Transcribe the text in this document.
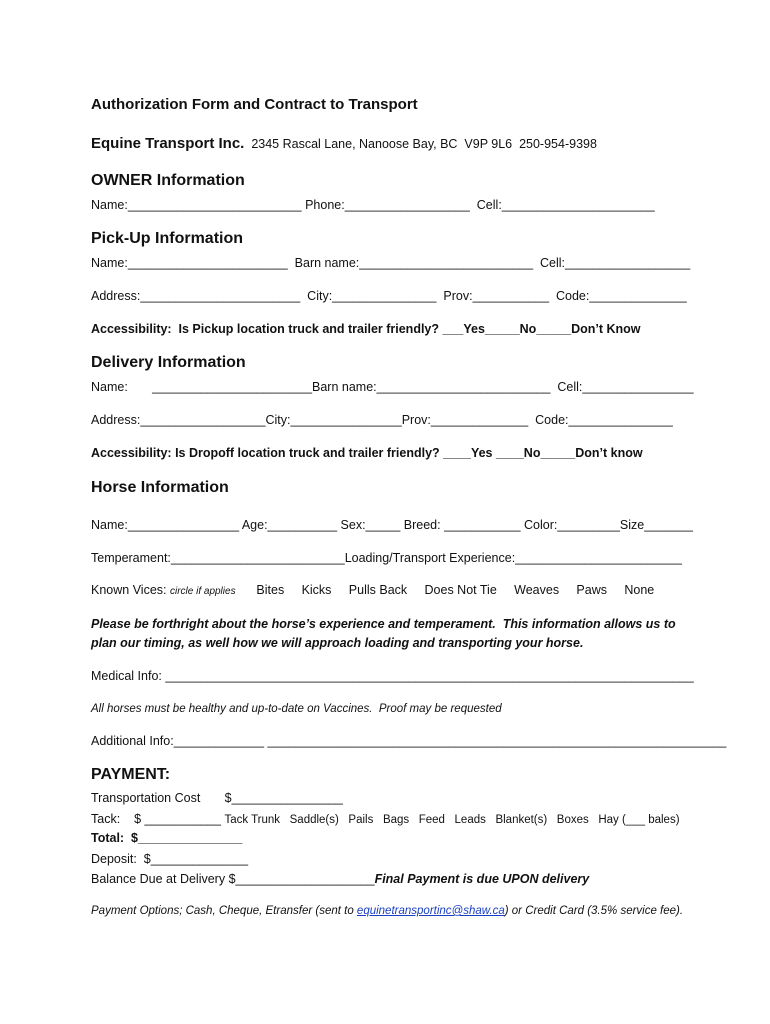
Authorization Form and Contract to Transport
Equine Transport Inc. 2345 Rascal Lane, Nanoose Bay, BC  V9P 9L6  250-954-9398
OWNER Information
Name:_________________________ Phone:__________________  Cell:______________________
Pick-Up Information
Name:_______________________  Barn name:_________________________  Cell:__________________
Address:_______________________  City:_______________  Prov:___________  Code:______________
Accessibility:  Is Pickup location truck and trailer friendly? ___Yes_____No_____Don’t Know
Delivery Information
Name:       _______________________Barn name:_________________________  Cell:________________
Address:__________________City:________________Prov:______________  Code:_______________
Accessibility: Is Dropoff location truck and trailer friendly? ____Yes ____No_____Don’t know
Horse Information
Name:________________ Age:__________ Sex:_____ Breed: ___________ Color:_________Size_______
Temperament:_________________________Loading/Transport Experience:________________________
Known Vices: circle if applies      Bites     Kicks     Pulls Back     Does Not Tie     Weaves     Paws     None
Please be forthright about the horse’s experience and temperament.  This information allows us to
plan our timing, as well how we will approach loading and transporting your horse.
Medical Info: ____________________________________________________________________________
All horses must be healthy and up-to-date on Vaccines.  Proof may be requested
Additional Info:_____________ __________________________________________________________________
PAYMENT:
Transportation Cost       $________________
Tack:    $ ___________ Tack Trunk   Saddle(s)   Pails   Bags   Feed   Leads   Blanket(s)   Boxes   Hay (___ bales)
Total:  $_______________
Deposit:  $______________
Balance Due at Delivery $____________________Final Payment is due UPON delivery
Payment Options; Cash, Cheque, Etransfer (sent to equinetransportinc@shaw.ca) or Credit Card (3.5% service fee).
